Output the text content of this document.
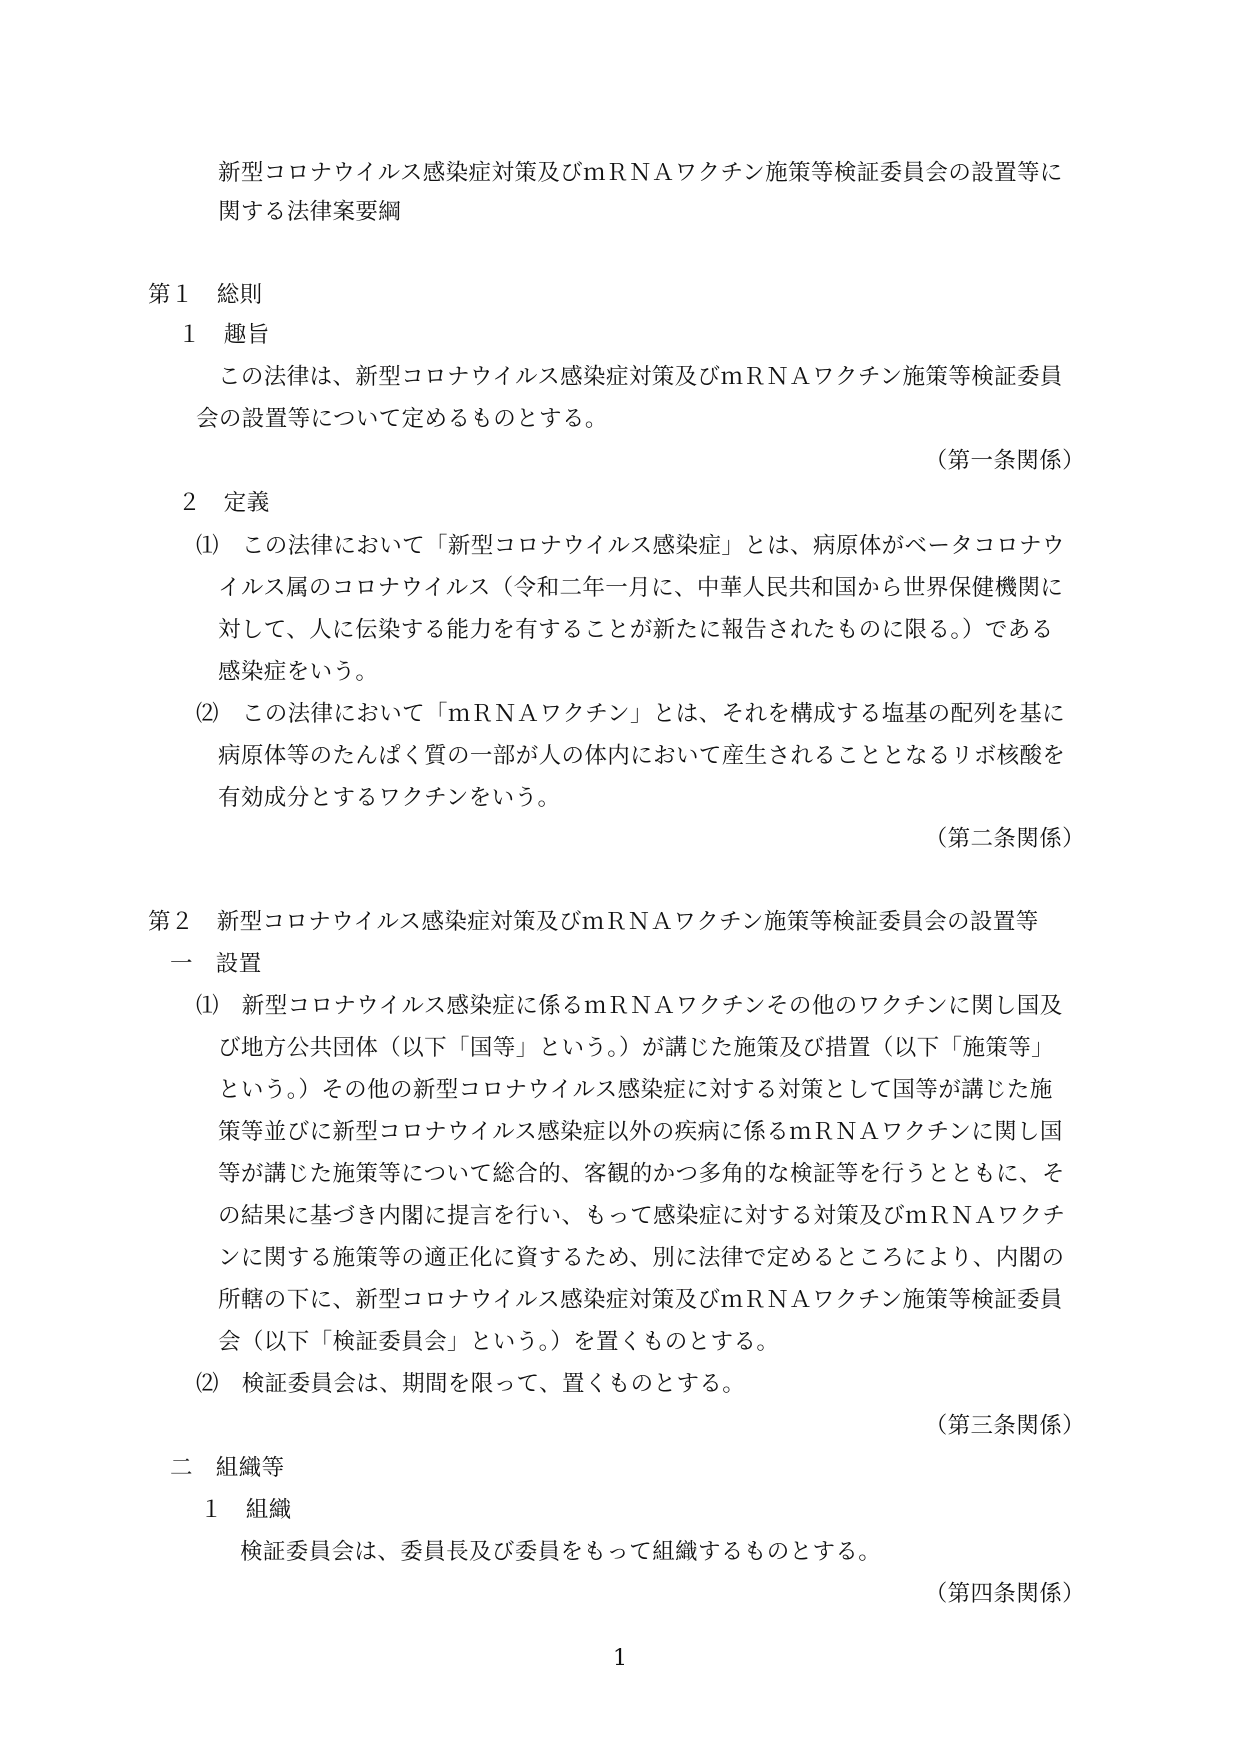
新型コロナウイルス感染症対策及びｍＲＮＡワクチン施策等検証委員会の設置等に
関する法律案要綱
第１　総則
１　趣旨
この法律は、新型コロナウイルス感染症対策及びｍＲＮＡワクチン施策等検証委員
会の設置等について定めるものとする。
（第一条関係）
２　定義
⑴　この法律において「新型コロナウイルス感染症」とは、病原体がベータコロナウ
イルス属のコロナウイルス（令和二年一月に、中華人民共和国から世界保健機関に
対して、人に伝染する能力を有することが新たに報告されたものに限る。）である
感染症をいう。
⑵　この法律において「ｍＲＮＡワクチン」とは、それを構成する塩基の配列を基に
病原体等のたんぱく質の一部が人の体内において産生されることとなるリボ核酸を
有効成分とするワクチンをいう。
（第二条関係）
第２　新型コロナウイルス感染症対策及びｍＲＮＡワクチン施策等検証委員会の設置等
一　設置
⑴　新型コロナウイルス感染症に係るｍＲＮＡワクチンその他のワクチンに関し国及
び地方公共団体（以下「国等」という。）が講じた施策及び措置（以下「施策等」
という。）その他の新型コロナウイルス感染症に対する対策として国等が講じた施
策等並びに新型コロナウイルス感染症以外の疾病に係るｍＲＮＡワクチンに関し国
等が講じた施策等について総合的、客観的かつ多角的な検証等を行うとともに、そ
の結果に基づき内閣に提言を行い、もって感染症に対する対策及びｍＲＮＡワクチ
ンに関する施策等の適正化に資するため、別に法律で定めるところにより、内閣の
所轄の下に、新型コロナウイルス感染症対策及びｍＲＮＡワクチン施策等検証委員
会（以下「検証委員会」という。）を置くものとする。
⑵　検証委員会は、期間を限って、置くものとする。
（第三条関係）
二　組織等
１　組織
検証委員会は、委員長及び委員をもって組織するものとする。
（第四条関係）
1
